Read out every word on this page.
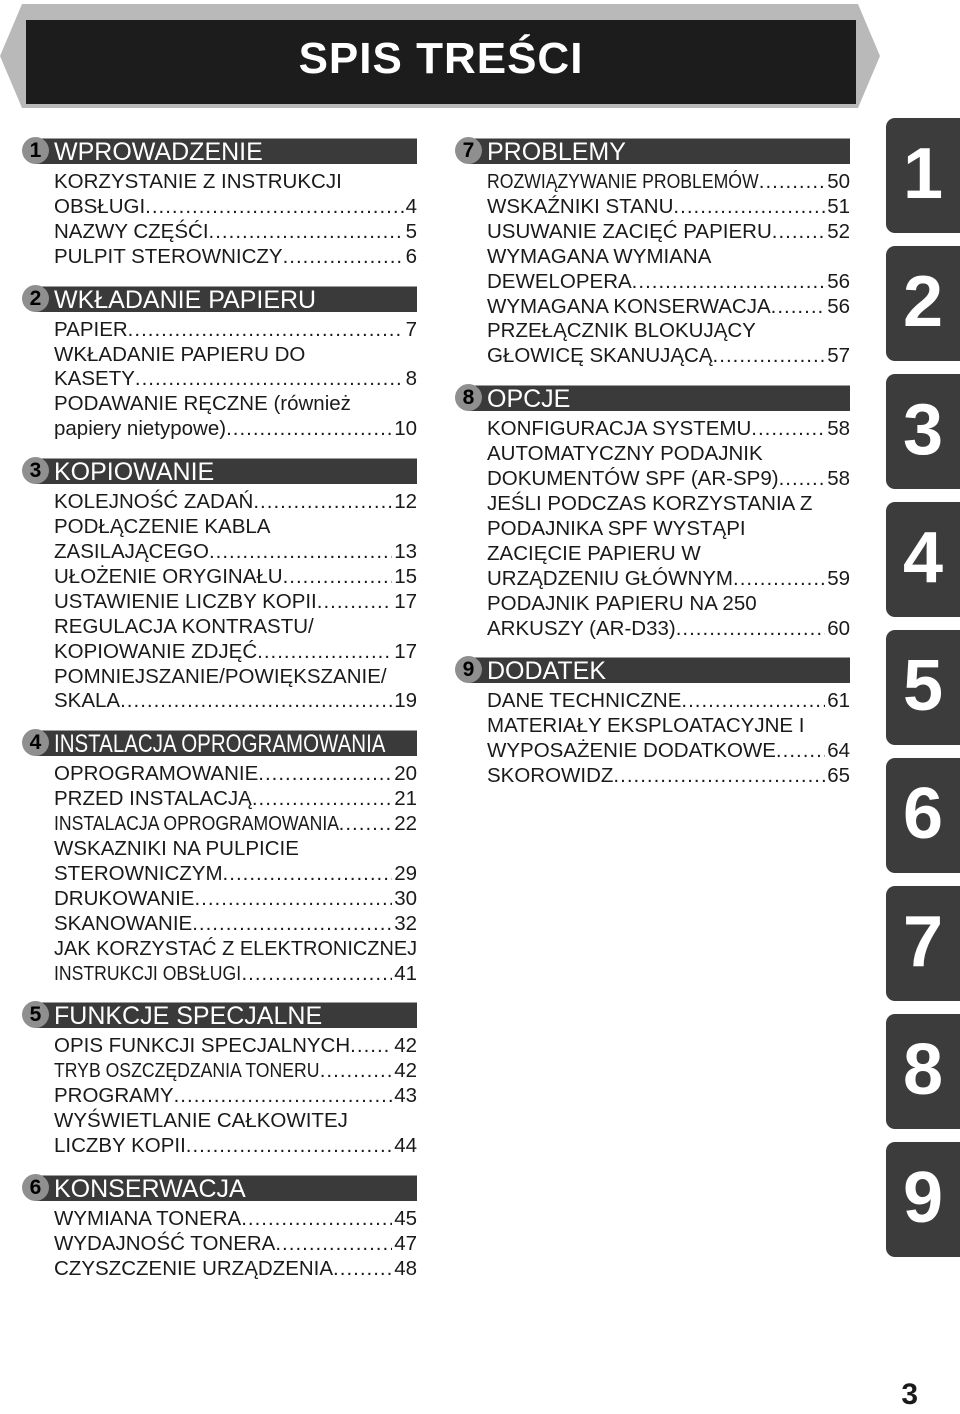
SPIS TREŚCI
1 WPROWADZENIE
KORZYSTANIE Z INSTRUKCJI
OBSŁUGI .....	4
NAZWY CZĘŚĆI .....	5
PULPIT STEROWNICZY .....	6
2 WKŁADANIE PAPIERU
PAPIER .....	7
WKŁADANIE PAPIERU DO
KASETY .....	8
PODAWANIE RĘCZNE (również
papiery nietypowe) .....	10
3 KOPIOWANIE
KOLEJNOŚĆ ZADAŃ .....	12
PODŁĄCZENIE KABLA
ZASILAJĄCEGO .....	13
UŁOŻENIE ORYGINAŁU .....	15
USTAWIENIE LICZBY KOPII .....	17
REGULACJA KONTRASTU/
KOPIOWANIE ZDJĘĆ .....	17
POMNIEJSZANIE/POWIĘKSZANIE/
SKALA .....	19
4 INSTALACJA OPROGRAMOWANIA
OPROGRAMOWANIE .....	20
PRZED INSTALACJĄ .....	21
INSTALACJA OPROGRAMOWANIA .....	22
WSKAZNIKI NA PULPICIE
STEROWNICZYM .....	29
DRUKOWANIE .....	30
SKANOWANIE .....	32
JAK KORZYSTAĆ Z ELEKTRONICZNEJ
INSTRUKCJI OBSŁUGI .....	41
5 FUNKCJE SPECJALNE
OPIS FUNKCJI SPECJALNYCH ..... 42
TRYB OSZCZĘDZANIA TONERU .....	42
PROGRAMY .....	43
WYŚWIETLANIE CAŁKOWITEJ
LICZBY KOPII .....	44
6 KONSERWACJA
WYMIANA TONERA .....	45
WYDAJNOŚĆ TONERA .....	47
CZYSZCZENIE URZĄDZENIA .....	48
7 PROBLEMY
ROZWIĄZYWANIE PROBLEMÓW .....	50
WSKAŹNIKI STANU .....	51
USUWANIE ZACIĘĆ PAPIERU .....	52
WYMAGANA WYMIANA
DEWELOPERA .....	56
WYMAGANA KONSERWACJA .....	56
PRZEŁĄCZNIK BLOKUJĄCY
GŁOWICĘ SKANUJĄCĄ .....	57
8 OPCJE
KONFIGURACJA SYSTEMU .....	58
AUTOMATYCZNY PODAJNIK
DOKUMENTÓW SPF (AR-SP9) ..... 58
JEŚLI PODCZAS KORZYSTANIA Z
PODAJNIKA SPF WYSTĄPI
ZACIĘCIE PAPIERU W
URZĄDZENIU GŁÓWNYM .....	59
PODAJNIK PAPIERU NA 250
ARKUSZY (AR-D33) .....	60
9 DODATEK
DANE TECHNICZNE .....	61
MATERIAŁY EKSPLOATACYJNE I
WYPOSAŻENIE DODATKOWE .....	64
SKOROWIDZ .....	65
1
2
3
4
5
6
7
8
9
3
